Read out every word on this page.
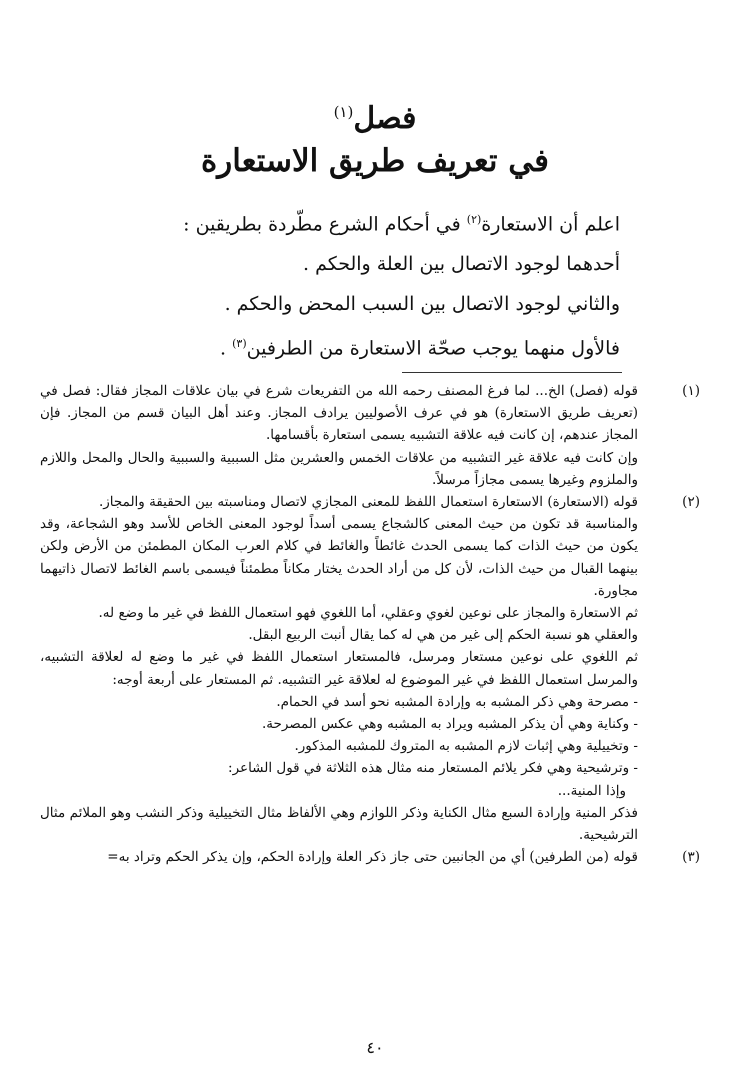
فصل$^{(١)}$
في تعريف طريق الاستعارة

اعلم أن الاستعارة$^{(٢)}$ في أحكام الشرع مطّردة بطريقين :

أحدهما لوجود الاتصال بين العلة والحكم .

والثاني لوجود الاتصال بين السبب المحض والحكم .

فالأول منهما يوجب صحّة الاستعارة من الطرفين$^{(٣)}$ .

(١)

قوله (فصل) الخ... لما فرغ المصنف رحمه الله من التفريعات شرع في بيان علاقات المجاز فقال: فصل في (تعريف طريق الاستعارة) هو في عرف الأصوليين يرادف المجاز. وعند أهل البيان قسم من المجاز. فإن المجاز عندهم، إن كانت فيه علاقة التشبيه يسمى استعارة بأقسامها.

وإن كانت فيه علاقة غير التشبيه من علاقات الخمس والعشرين مثل السببية والسببية والحال والمحل واللازم والملزوم وغيرها يسمى مجازاً مرسلاً.

(٢)

قوله (الاستعارة) الاستعارة استعمال اللفظ للمعنى المجازي لاتصال ومناسبته بين الحقيقة والمجاز.

والمناسبة قد تكون من حيث المعنى كالشجاع يسمى أسداً لوجود المعنى الخاص للأسد وهو الشجاعة، وقد يكون من حيث الذات كما يسمى الحدث غائطاً والغائط في كلام العرب المكان المطمئن من الأرض ولكن بينهما القبال من حيث الذات، لأن كل من أراد الحدث يختار مكاناً مطمئناً فيسمى باسم الغائط لاتصال ذاتيهما مجاورة.

ثم الاستعارة والمجاز على نوعين لغوي وعقلي، أما اللغوي فهو استعمال اللفظ في غير ما وضع له.

والعقلي هو نسبة الحكم إلى غير من هي له كما يقال أنبت الربيع البقل.

ثم اللغوي على نوعين مستعار ومرسل، فالمستعار استعمال اللفظ في غير ما وضع له لعلاقة التشبيه، والمرسل استعمال اللفظ في غير الموضوع له لعلاقة غير التشبيه. ثم المستعار على أربعة أوجه:

- مصرحة وهي ذكر المشبه به وإرادة المشبه نحو أسد في الحمام.

- وكناية وهي أن يذكر المشبه ويراد به المشبه وهي عكس المصرحة.

- وتخييلية وهي إثبات لازم المشبه به المتروك للمشبه المذكور.

- وترشيحية وهي فكر يلائم المستعار منه مثال هذه الثلاثة في قول الشاعر:

وإذا المنية...

فذكر المنية وإرادة السبع مثال الكناية وذكر اللوازم وهي الألفاظ مثال التخييلية وذكر النشب وهو الملائم مثال الترشيحية.

(٣)

قوله (من الطرفين) أي من الجانبين حتى جاز ذكر العلة وإرادة الحكم، وإن يذكر الحكم وتراد به=

٤٠
